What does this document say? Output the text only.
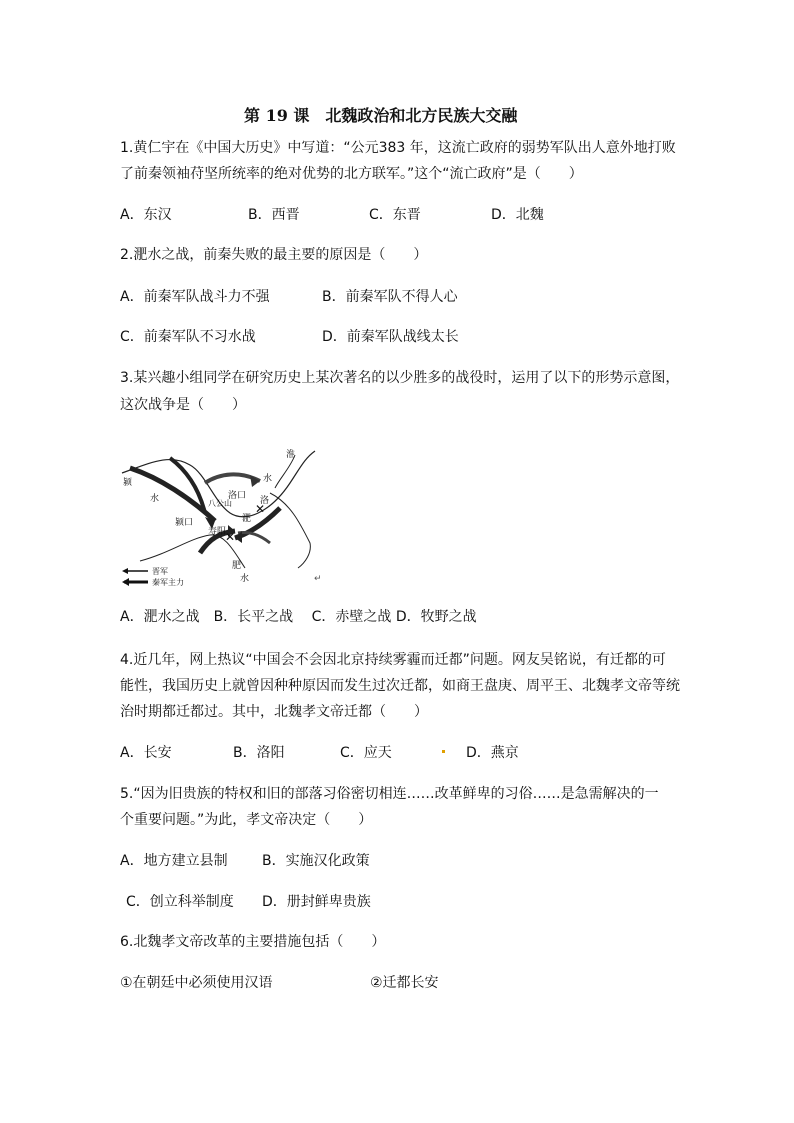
第 19 课　北魏政治和北方民族大交融
1.黄仁宇在《中国大历史》中写道：“公元383 年，这流亡政府的弱势军队出人意外地打败
了前秦领袖苻坚所统率的绝对优势的北方联军。”这个“流亡政府”是（　　）
A．东汉	B．西晋	C．东晋	D．北魏
2.淝水之战，前秦失败的最主要的原因是（　　）
A．前秦军队战斗力不强	B．前秦军队不得人心
C．前秦军队不习水战	D．前秦军队战线太长
3.某兴趣小组同学在研究历史上某次著名的以少胜多的战役时，运用了以下的形势示意图，
这次战争是（　　）
✕
✕
颍
水
淮
水
洛口
八公山
颍口
寿阳
肥
水
淝
洛
晋军
秦军主力	↵
A．淝水之战　B．长平之战　 C．赤壁之战 D．牧野之战
4.近几年，网上热议“中国会不会因北京持续雾霾而迁都”问题。网友吴铭说，有迁都的可
能性，我国历史上就曾因种种原因而发生过次迁都，如商王盘庚、周平王、北魏孝文帝等统
治时期都迁都过。其中，北魏孝文帝迁都（　　）
A．长安	B．洛阳	C．应天	D．燕京
5.“因为旧贵族的特权和旧的部落习俗密切相连……改革鲜卑的习俗……是急需解决的一
个重要问题。”为此，孝文帝决定（　　）
A．地方建立县制 B．实施汉化政策
C．创立科举制度 D．册封鲜卑贵族
6.北魏孝文帝改革的主要措施包括（　　）
①在朝廷中必须使用汉语	②迁都长安
